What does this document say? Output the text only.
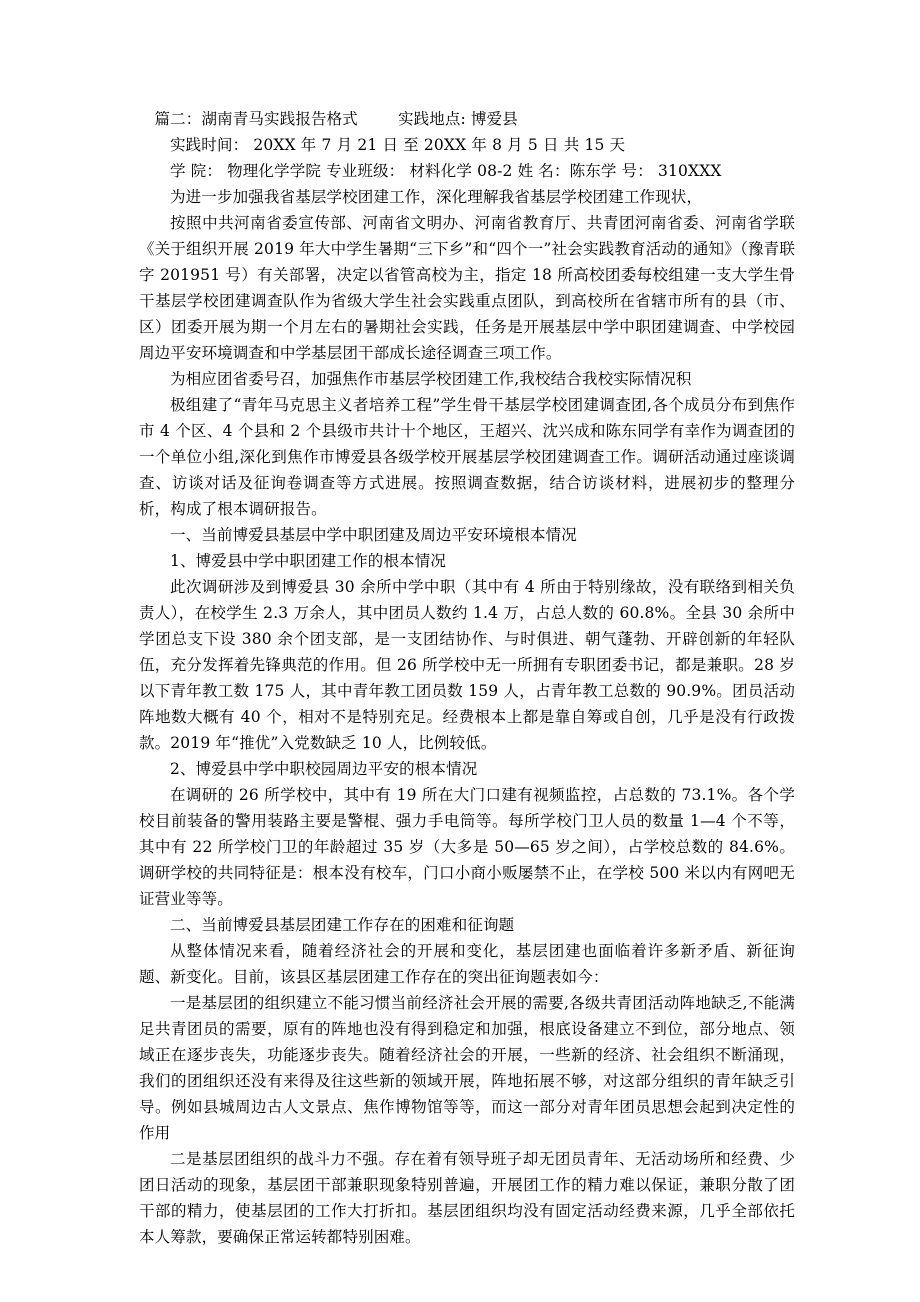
篇二：湖南青马实践报告格式	实践地点: 博爱县
实践时间： 20XX 年 7 月 21 日 至 20XX 年 8 月 5 日 共 15 天
学 院： 物理化学学院 专业班级： 材料化学 08-2 姓 名：陈东学 号： 310XXX

为进一步加强我省基层学校团建工作，深化理解我省基层学校团建工作现状，

按照中共河南省委宣传部、河南省文明办、河南省教育厅、共青团河南省委、河南省学联《关于组织开展 2019 年大中学生暑期“三下乡”和“四个一”社会实践教育活动的通知》（豫青联字 201951 号）有关部署，决定以省管高校为主，指定 18 所高校团委每校组建一支大学生骨干基层学校团建调查队作为省级大学生社会实践重点团队，到高校所在省辖市所有的县（市、区）团委开展为期一个月左右的暑期社会实践，任务是开展基层中学中职团建调查、中学校园周边平安环境调查和中学基层团干部成长途径调查三项工作。

为相应团省委号召，加强焦作市基层学校团建工作,我校结合我校实际情况积

极组建了“青年马克思主义者培养工程”学生骨干基层学校团建调查团,各个成员分布到焦作市 4 个区、4 个县和 2 个县级市共计十个地区，王超兴、沈兴成和陈东同学有幸作为调查团的一个单位小组,深化到焦作市博爱县各级学校开展基层学校团建调查工作。调研活动通过座谈调查、访谈对话及征询卷调查等方式进展。按照调查数据，结合访谈材料，进展初步的整理分析，构成了根本调研报告。

一、当前博爱县基层中学中职团建及周边平安环境根本情况

1、博爱县中学中职团建工作的根本情况

此次调研涉及到博爱县 30 余所中学中职（其中有 4 所由于特别缘故，没有联络到相关负责人），在校学生 2.3 万余人，其中团员人数约 1.4 万，占总人数的 60.8%。全县 30 余所中学团总支下设 380 余个团支部，是一支团结协作、与时俱进、朝气蓬勃、开辟创新的年轻队伍，充分发挥着先锋典范的作用。但 26 所学校中无一所拥有专职团委书记，都是兼职。28 岁以下青年教工数 175 人，其中青年教工团员数 159 人，占青年教工总数的 90.9%。团员活动阵地数大概有 40 个，相对不是特别充足。经费根本上都是靠自筹或自创，几乎是没有行政拨款。2019 年“推优”入党数缺乏 10 人，比例较低。

2、博爱县中学中职校园周边平安的根本情况

在调研的 26 所学校中，其中有 19 所在大门口建有视频监控，占总数的 73.1%。各个学校目前装备的警用装路主要是警棍、强力手电筒等。每所学校门卫人员的数量 1—4 个不等，其中有 22 所学校门卫的年龄超过 35 岁（大多是 50—65 岁之间），占学校总数的 84.6%。调研学校的共同特征是：根本没有校车，门口小商小贩屡禁不止，在学校 500 米以内有网吧无证营业等等。

二、当前博爱县基层团建工作存在的困难和征询题

从整体情况来看，随着经济社会的开展和变化，基层团建也面临着许多新矛盾、新征询题、新变化。目前，该县区基层团建工作存在的突出征询题表如今：

一是基层团的组织建立不能习惯当前经济社会开展的需要,各级共青团活动阵地缺乏,不能满足共青团员的需要，原有的阵地也没有得到稳定和加强，根底设备建立不到位，部分地点、领域正在逐步丧失，功能逐步丧失。随着经济社会的开展，一些新的经济、社会组织不断涌现，我们的团组织还没有来得及往这些新的领域开展，阵地拓展不够，对这部分组织的青年缺乏引导。例如县城周边古人文景点、焦作博物馆等等，而这一部分对青年团员思想会起到决定性的作用

二是基层团组织的战斗力不强。存在着有领导班子却无团员青年、无活动场所和经费、少团日活动的现象，基层团干部兼职现象特别普遍，开展团工作的精力难以保证，兼职分散了团干部的精力，使基层团的工作大打折扣。基层团组织均没有固定活动经费来源，几乎全部依托本人筹款，要确保正常运转都特别困难。
